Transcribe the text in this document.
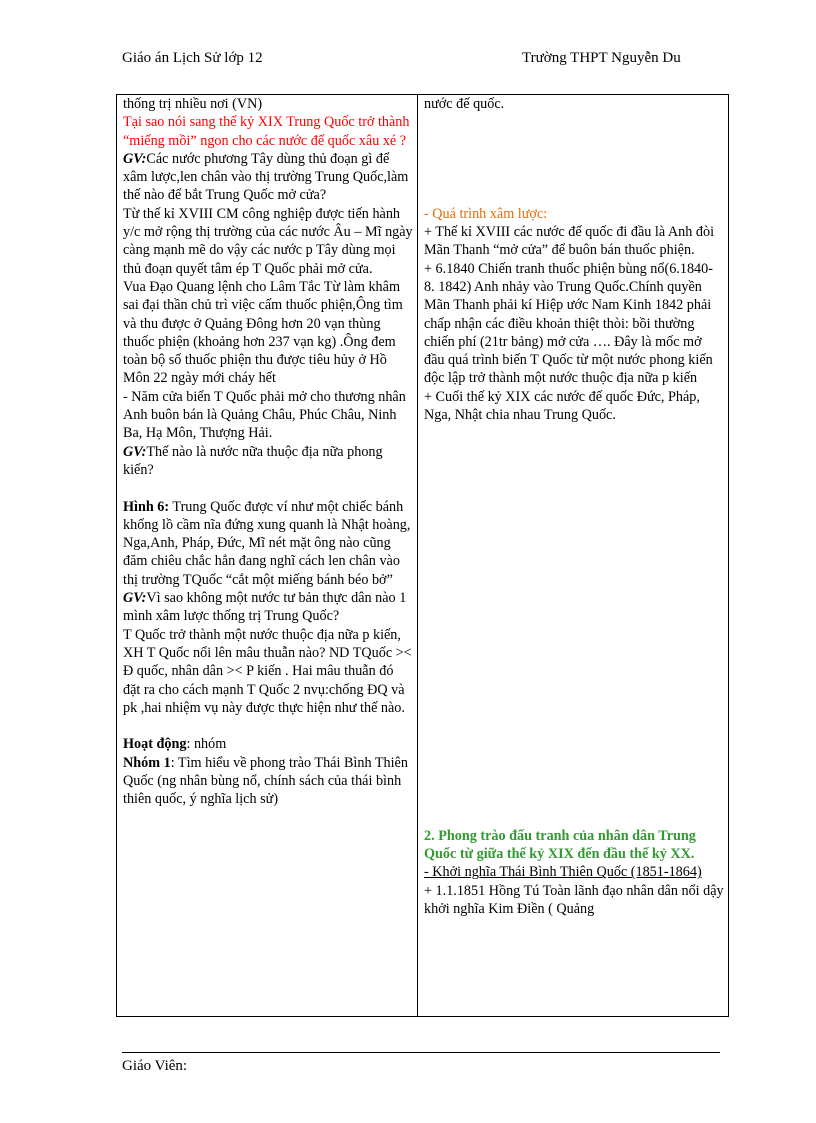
Giáo án Lịch Sử lớp 12	Trường THPT Nguyễn Du

thống trị nhiều nơi (VN)

Tại sao nói sang thế kỷ XIX Trung Quốc trở thành “miếng mồi” ngon cho các nước đế quốc xâu xé ?

GV:Các nước phương Tây dùng thủ đoạn gì để xâm lược,len chân vào thị trường Trung Quốc,làm thế nào để bắt Trung Quốc mở cửa?

Từ thế kỉ XVIII CM công nghiệp được tiến hành y/c mở rộng thị trường của các nước Âu – Mĩ ngày càng mạnh mẽ do vậy các nước p Tây dùng mọi thủ đoạn quyết tâm ép T Quốc phải mở cửa.

Vua Đạo Quang lệnh cho Lâm Tắc Từ làm khâm sai đại thần chủ trì việc cấm thuốc phiện,Ông tìm và thu được ở Quảng Đông hơn 20 vạn thùng thuốc phiện (khoảng hơn 237 vạn kg) .Ông đem toàn bộ số thuốc phiện thu được tiêu hủy ở Hồ Môn 22 ngày mới cháy hết

- Năm cửa biển T Quốc phải mở cho thương nhân Anh buôn bán là Quảng Châu, Phúc Châu, Ninh Ba, Hạ Môn, Thượng Hải.

GV:Thế nào là nước nữa thuộc địa nữa phong kiến?

Hình 6: Trung Quốc được ví như một chiếc bánh khổng lồ cầm nĩa đứng xung quanh là Nhật hoàng, Nga,Anh, Pháp, Đức, Mĩ nét mặt ông nào cũng đăm chiêu chắc hẳn đang nghĩ cách len chân vào thị trường TQuốc “cắt một miếng bánh béo bở”

GV:Vì sao không một nước tư bản thực dân nào 1 mình xâm lược thống trị Trung Quốc?

T Quốc trở thành một nước thuộc địa nữa p kiến, XH T Quốc nổi lên mâu thuẫn nào? ND TQuốc >< Đ quốc, nhân dân >< P kiến . Hai mâu thuẫn đó đặt ra cho cách mạnh T Quốc 2 nvụ:chống ĐQ và pk ,hai nhiệm vụ này được thực hiện như thế nào.

Hoạt động: nhóm

Nhóm 1: Tìm hiểu về phong trào Thái Bình Thiên Quốc (ng nhân bùng nổ, chính sách của thái bình thiên quốc, ý nghĩa lịch sử)

nước đế quốc.

- Quá trình xâm lược:

+ Thế kỉ XVIII các nước đế quốc đi đầu là Anh đòi Mãn Thanh “mở cửa” để buôn bán thuốc phiện.

+ 6.1840 Chiến tranh thuốc phiện bùng nổ(6.1840- 8. 1842) Anh nhảy vào Trung Quốc.Chính quyền Mãn Thanh phải kí Hiệp ước Nam Kinh 1842 phải chấp nhận các điều khoản thiệt thòi: bồi thường chiến phí (21tr bảng) mở cửa …. Đây là mốc mở đầu quá trình biến T Quốc từ một nước phong kiến độc lập trở thành một nước thuộc địa nữa p kiến

+ Cuối thế kỷ XIX các nước đế quốc Đức, Pháp, Nga, Nhật chia nhau Trung Quốc.

2. Phong trào đấu tranh của nhân dân Trung Quốc từ giữa thế kỷ XIX đến đầu thế kỷ XX.

- Khởi nghĩa Thái Bình Thiên Quốc (1851-1864)

+ 1.1.1851 Hồng Tú Toàn lãnh đạo nhân dân nổi dậy khởi nghĩa Kim Điền ( Quảng

Giáo Viên:
